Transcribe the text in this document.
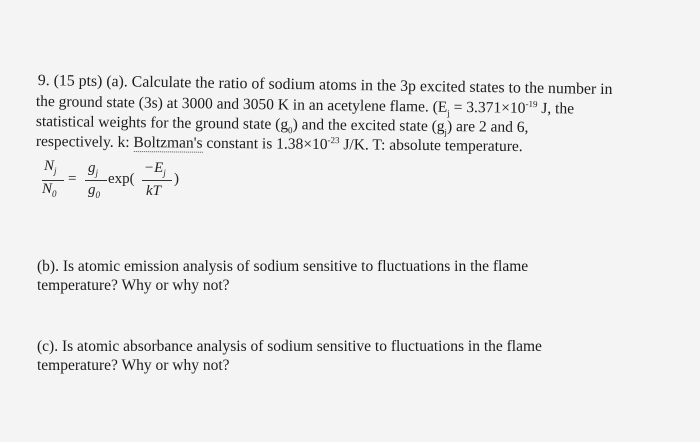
9. (15 pts) (a). Calculate the ratio of sodium atoms in the 3p excited states to the number in
the ground state (3s) at 3000 and 3050 K in an acetylene flame. ($E_j = 3.371\times 10^{-19}$ J, the
statistical weights for the ground state $(g_0)$ and the excited state $(g_j)$ are 2 and 6,
respectively. k: Boltzman's constant is $1.38\times 10^{-23}$ J/K. T: absolute temperature.
$N_j$
$N_0$
=
$g_j$
$g_0$
exp(
$-E_j$
kT
)
(b). Is atomic emission analysis of sodium sensitive to fluctuations in the flame
temperature? Why or why not?
(c). Is atomic absorbance analysis of sodium sensitive to fluctuations in the flame
temperature? Why or why not?
